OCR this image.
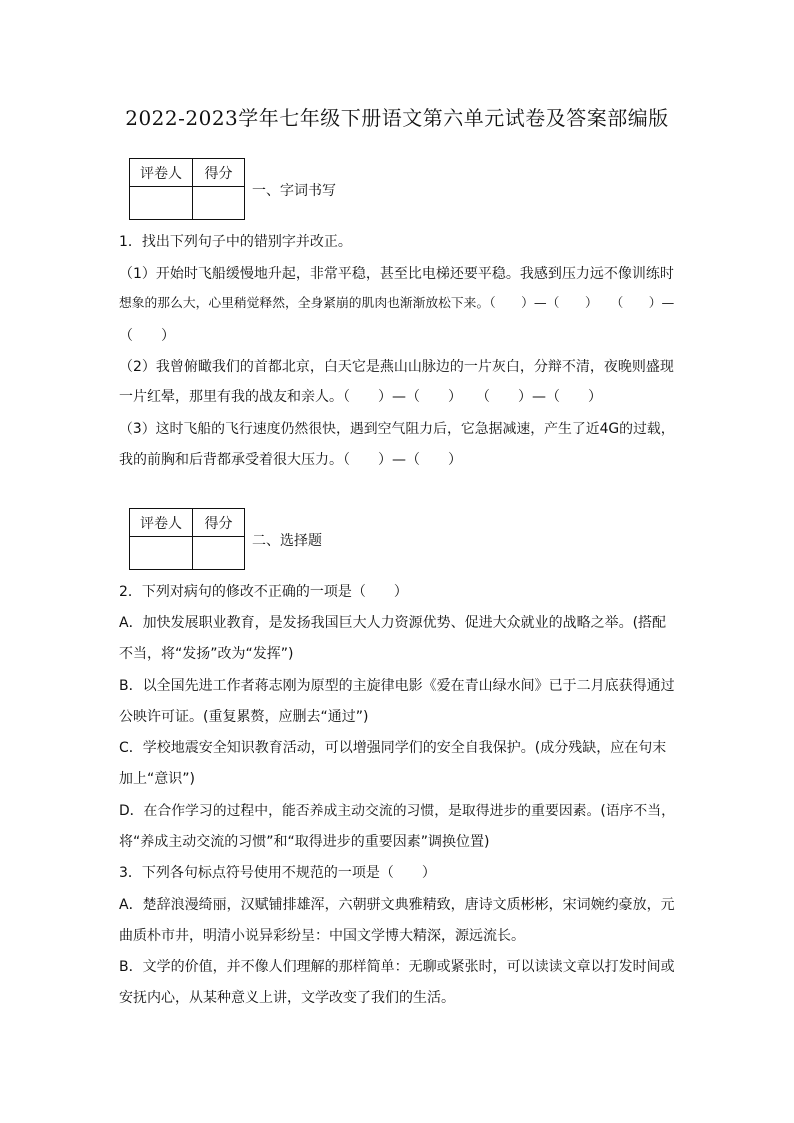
2022-2023学年七年级下册语文第六单元试卷及答案部编版
评卷人	得分

一、字词书写
1．找出下列句子中的错别字并改正。
（1）开始时飞船缓慢地升起，非常平稳，甚至比电梯还要平稳。我感到压力远不像训练时
想象的那么大，心里稍觉释然，全身紧崩的肌肉也渐渐放松下来。（　　）—（　　）　　（　　）—
（　　）
（2）我曾俯瞰我们的首都北京，白天它是燕山山脉边的一片灰白，分辩不清，夜晚则盛现
一片红晕，那里有我的战友和亲人。（　　）—（　　）　　（　　）—（　　）
（3）这时飞船的飞行速度仍然很快，遇到空气阻力后，它急据减速，产生了近4G的过载，
我的前胸和后背都承受着很大压力。（　　）—（　　）
评卷人	得分

二、选择题
2．下列对病句的修改不正确的一项是（　　）
A．加快发展职业教育，是发扬我国巨大人力资源优势、促进大众就业的战略之举。(搭配
不当，将“发扬”改为“发挥”)
B．以全国先进工作者蒋志刚为原型的主旋律电影《爱在青山绿水间》已于二月底获得通过
公映许可证。(重复累赘，应删去“通过”)
C．学校地震安全知识教育活动，可以增强同学们的安全自我保护。(成分残缺，应在句末
加上“意识”)
D．在合作学习的过程中，能否养成主动交流的习惯，是取得进步的重要因素。(语序不当，
将“养成主动交流的习惯”和“取得进步的重要因素”调换位置)
3．下列各句标点符号使用不规范的一项是（　　）
A．楚辞浪漫绮丽，汉赋铺排雄浑，六朝骈文典雅精致，唐诗文质彬彬，宋词婉约豪放，元
曲质朴市井，明清小说异彩纷呈：中国文学博大精深，源远流长。
B．文学的价值，并不像人们理解的那样简单：无聊或紧张时，可以读读文章以打发时间或
安抚内心，从某种意义上讲，文学改变了我们的生活。
